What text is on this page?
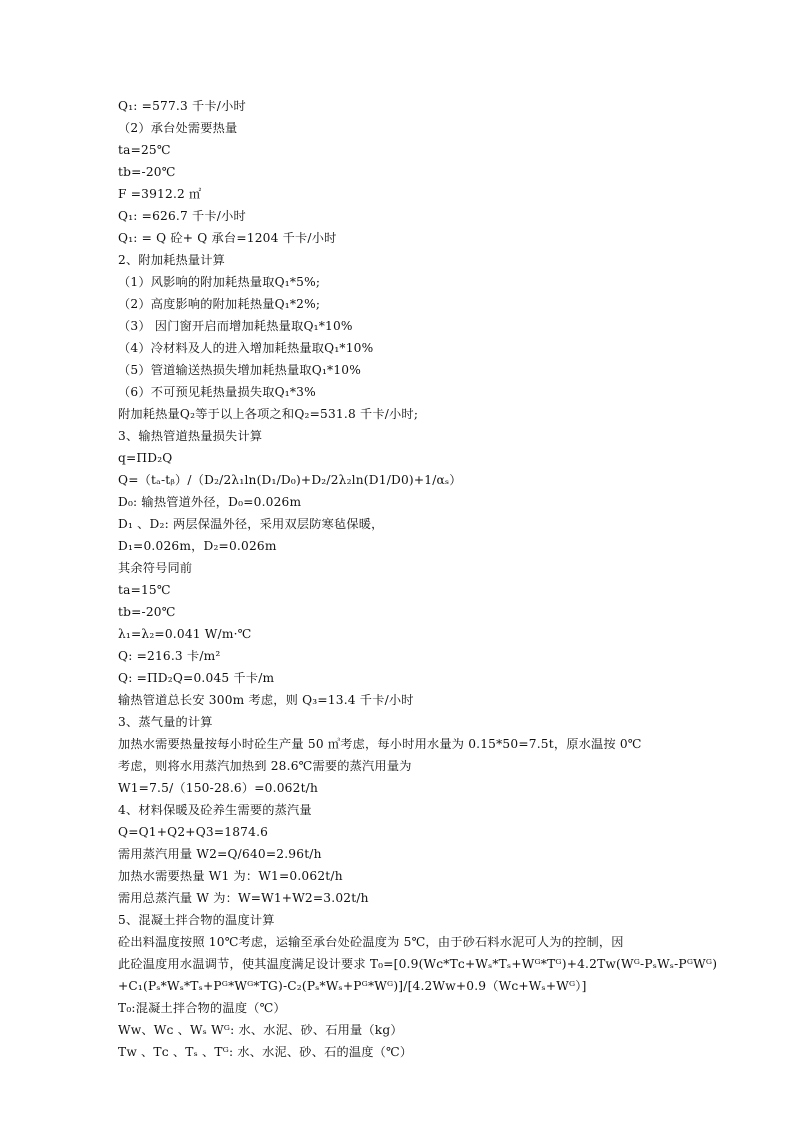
Q₁: =577.3 千卡/小时
（2）承台处需要热量
ta=25℃
tb=-20℃
F =3912.2 ㎡
Q₁: =626.7 千卡/小时
Q₁: = Q 砼+ Q 承台=1204 千卡/小时
2、附加耗热量计算
（1）风影响的附加耗热量取Q₁*5%;
（2）高度影响的附加耗热量Q₁*2%;
（3） 因门窗开启而增加耗热量取Q₁*10%
（4）冷材料及人的进入增加耗热量取Q₁*10%
（5）管道输送热损失增加耗热量取Q₁*10%
（6）不可预见耗热量损失取Q₁*3%
附加耗热量Q₂等于以上各项之和Q₂=531.8 千卡/小时;
3、输热管道热量损失计算
q=ΠD₂Q
Q=（tₐ-tᵦ）/（D₂/2λ₁ln(D₁/D₀)+D₂/2λ₂ln(D1/D0)+1/αₛ）
D₀: 输热管道外径，D₀=0.026m
D₁ 、D₂: 两层保温外径，采用双层防寒毡保暖，
D₁=0.026m，D₂=0.026m
其余符号同前
ta=15℃
tb=-20℃
λ₁=λ₂=0.041 W/m·℃
Q: =216.3 卡/m²
Q: =ΠD₂Q=0.045 千卡/m
输热管道总长安 300m 考虑，则 Q₃=13.4 千卡/小时
3、蒸气量的计算
加热水需要热量按每小时砼生产量 50 ㎥考虑，每小时用水量为 0.15*50=7.5t，原水温按 0℃
考虑，则将水用蒸汽加热到 28.6℃需要的蒸汽用量为
W1=7.5/（150-28.6）=0.062t/h
4、材料保暖及砼养生需要的蒸汽量
Q=Q1+Q2+Q3=1874.6
需用蒸汽用量 W2=Q/640=2.96t/h
加热水需要热量 W1 为：W1=0.062t/h
需用总蒸汽量 W 为：W=W1+W2=3.02t/h
5、混凝土拌合物的温度计算
砼出料温度按照 10℃考虑，运输至承台处砼温度为 5℃，由于砂石料水泥可人为的控制，因
此砼温度用水温调节，使其温度满足设计要求 T₀=[0.9(Wᴄ*Tᴄ+Wₛ*Tₛ+Wᴳ*Tᴳ)+4.2Tᴡ(Wᴳ-PₛWₛ-PᴳWᴳ)
+C₁(Pₛ*Wₛ*Tₛ+Pᴳ*Wᴳ*TG)-C₂(Pₛ*Wₛ+Pᴳ*Wᴳ)]/[4.2Wᴡ+0.9（Wᴄ+Wₛ+Wᴳ）]
T₀:混凝土拌合物的温度（℃）
Wᴡ、Wᴄ 、Wₛ Wᴳ: 水、水泥、砂、石用量（kg）
Tᴡ 、Tᴄ 、Tₛ 、Tᴳ: 水、水泥、砂、石的温度（℃）
